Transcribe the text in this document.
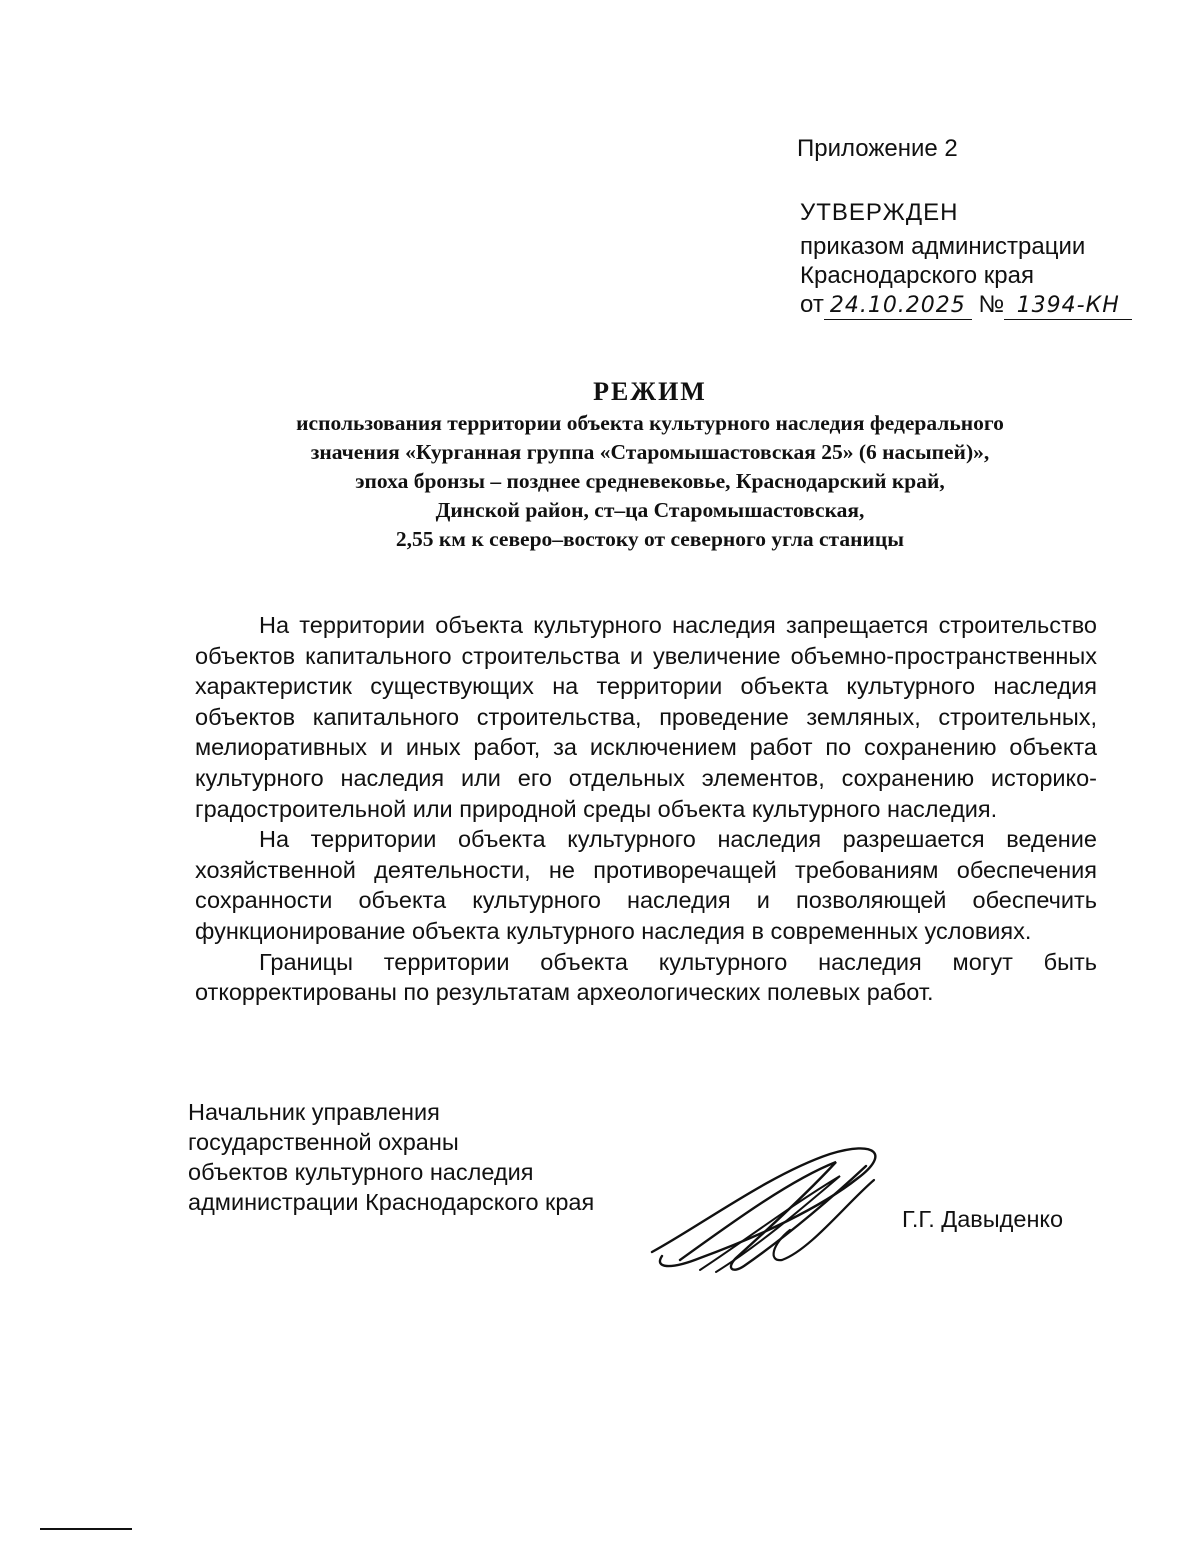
Приложение 2
УТВЕРЖДЕН
приказом администрации
Краснодарского края
от 24.10.2025 № 1394-КН
РЕЖИМ
использования территории объекта культурного наследия федерального
значения «Курганная группа «Старомышастовская 25» (6 насыпей)»,
эпоха бронзы – позднее средневековье, Краснодарский край,
Динской район, ст–ца Старомышастовская,
2,55 км к северо–востоку от северного угла станицы

На территории объекта культурного наследия запрещается строительство объектов капитального строительства и увеличение объемно-пространственных характеристик существующих на территории объекта культурного наследия объектов капитального строительства, проведение земляных, строительных, мелиоративных и иных работ, за исключением работ по сохранению объекта культурного наследия или его отдельных элементов, сохранению историко-градостроительной или природной среды объекта культурного наследия.

На территории объекта культурного наследия разрешается ведение хозяйственной деятельности, не противоречащей требованиям обеспечения сохранности объекта культурного наследия и позволяющей обеспечить функционирование объекта культурного наследия в современных условиях.

Границы территории объекта культурного наследия могут быть откорректированы по результатам археологических полевых работ.

Начальник управления
государственной охраны
объектов культурного наследия
администрации Краснодарского края
Г.Г. Давыденко
